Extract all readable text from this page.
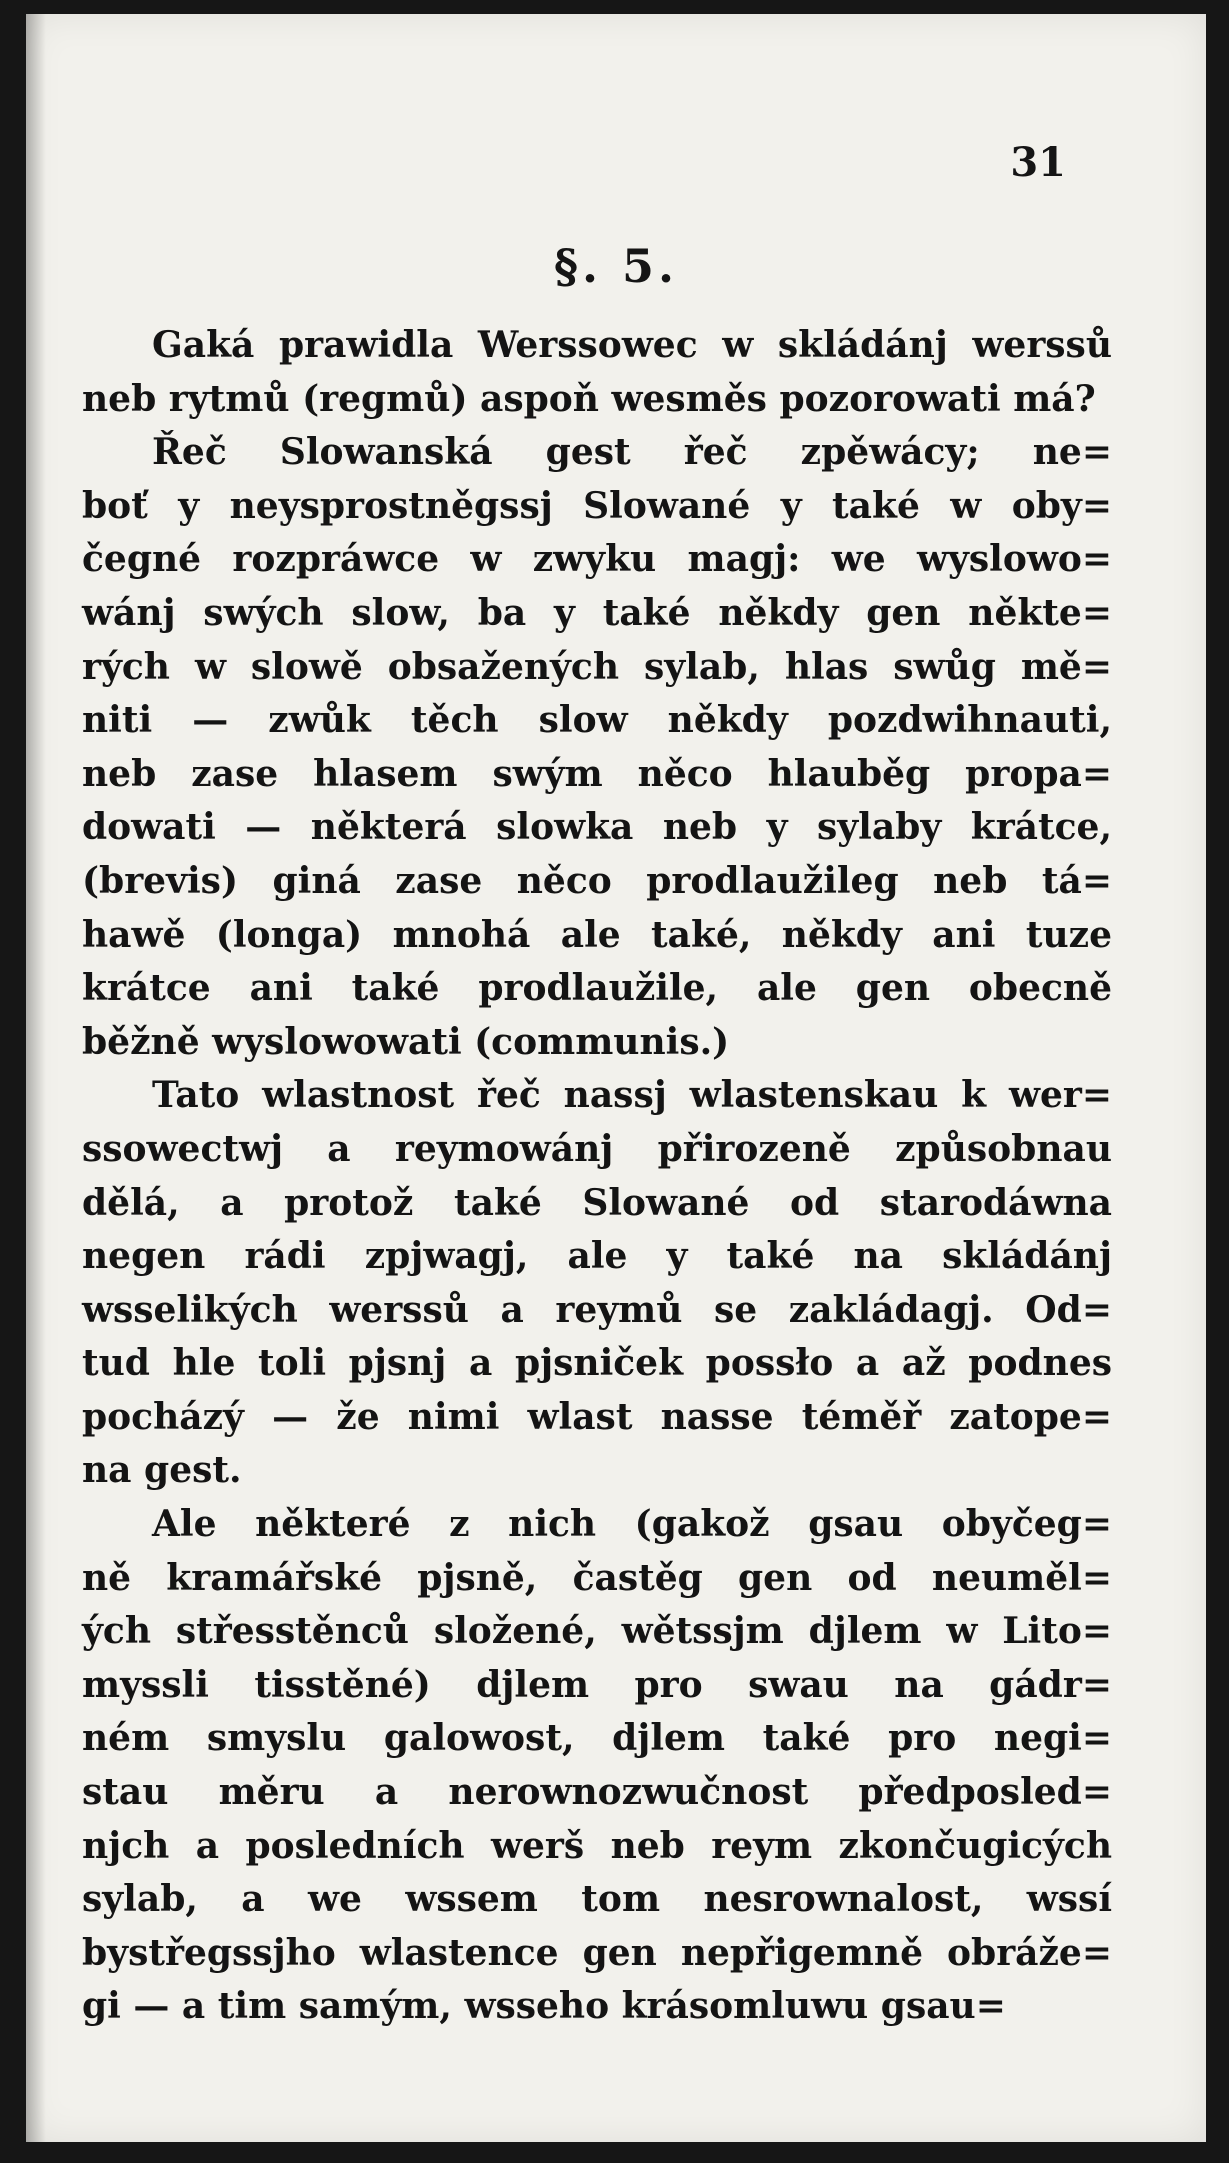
31

§. 5.
Gaká prawidla Werssowec w skládánj werssů
neb rytmů (regmů) aspoň wesměs pozorowati má?
Řeč Slowanská gest řeč zpěwácy; ne=
boť y neysprostněgssj Slowané y také w oby=
čegné rozpráwce w zwyku magj: we wyslowo=
wánj swých slow, ba y také někdy gen někte=
rých w slowě obsažených sylab, hlas swůg mě=
niti — zwůk těch slow někdy pozdwihnauti,
neb zase hlasem swým něco hlauběg propa=
dowati — některá slowka neb y sylaby krátce,
(brevis) giná zase něco prodlaužileg neb tá=
hawě (longa) mnohá ale také, někdy ani tuze
krátce ani také prodlaužile, ale gen obecně
běžně wyslowowati (communis.)
Tato wlastnost řeč nassj wlastenskau k wer=
ssowectwj a reymowánj přirozeně způsobnau
dělá, a protož také Slowané od starodáwna
negen rádi zpjwagj, ale y také na skládánj
wsselikých werssů a reymů se zakládagj. Od=
tud hle toli pjsnj a pjsniček possło a až podnes
pocházý — že nimi wlast nasse téměř zatope=
na gest.
Ale některé z nich (gakož gsau obyčeg=
ně kramářské pjsně, častěg gen od neuměl=
ých střesstěnců složené, wětssjm djlem w Lito=
myssli tisstěné) djlem pro swau na gádr=
ném smyslu galowost, djlem také pro negi=
stau měru a nerownozwučnost předposled=
njch a posledních werš neb reym zkončugicých
sylab, a we wssem tom nesrownalost, wssí
bystřegssjho wlastence gen nepřigemně obráže=
gi — a tim samým, wsseho krásomluwu gsau=
